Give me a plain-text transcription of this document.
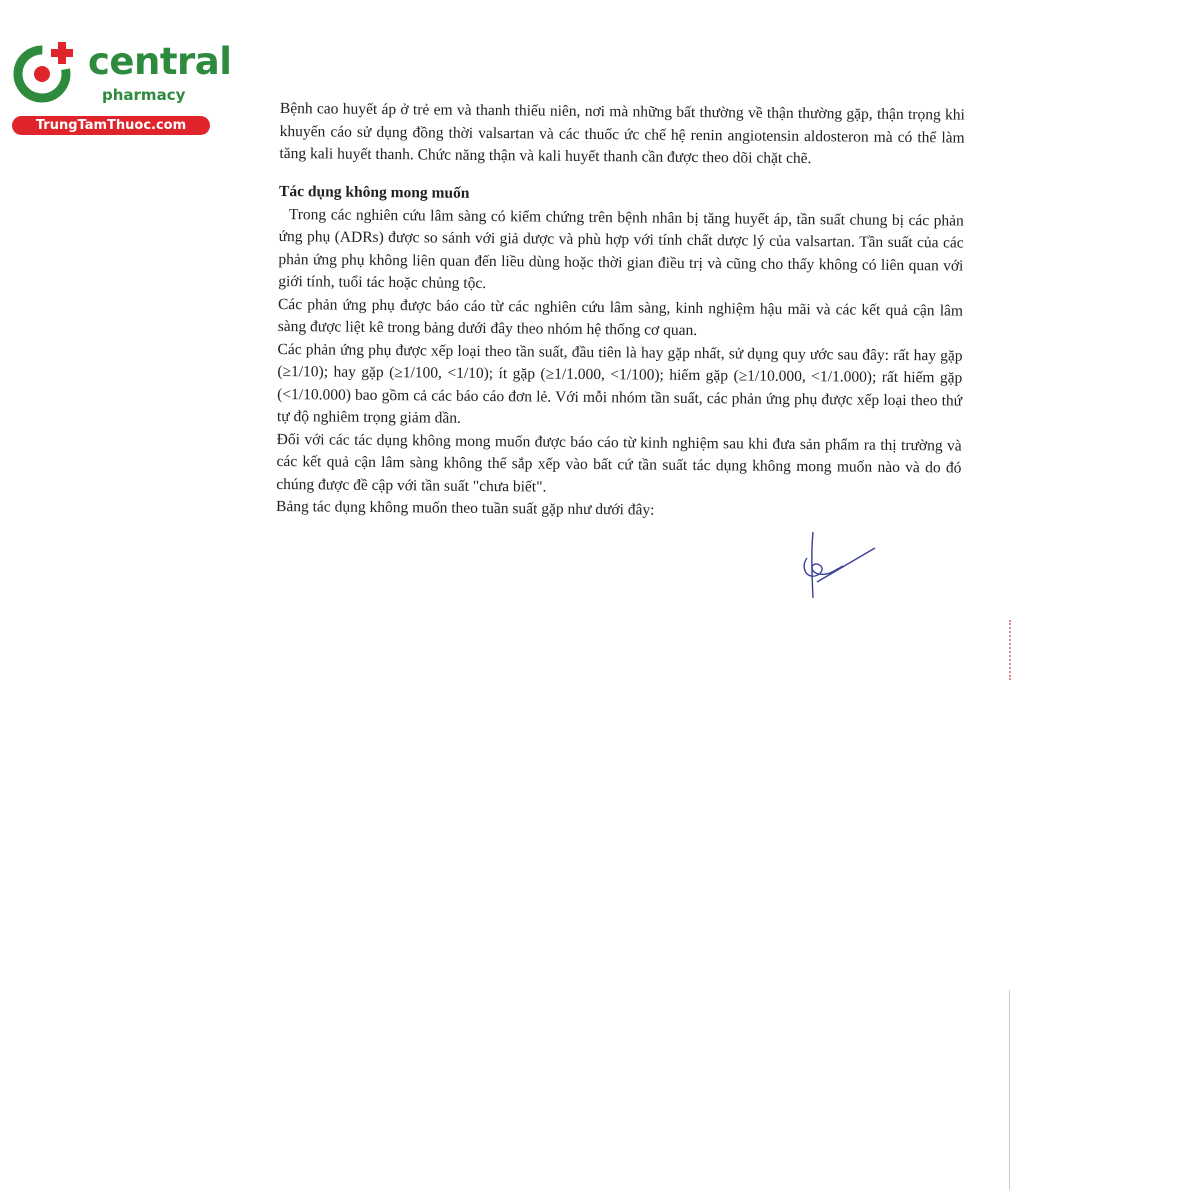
central
pharmacy
TrungTamThuoc.com

Bệnh cao huyết áp ở trẻ em và thanh thiếu niên, nơi mà những bất thường về thận thường gặp, thận trọng khi khuyến cáo sử dụng đồng thời valsartan và các thuốc ức chế hệ renin angiotensin aldosteron mà có thể làm tăng kali huyết thanh. Chức năng thận và kali huyết thanh cần được theo dõi chặt chẽ.

Tác dụng không mong muốn

Trong các nghiên cứu lâm sàng có kiểm chứng trên bệnh nhân bị tăng huyết áp, tần suất chung bị các phản ứng phụ (ADRs) được so sánh với giả dược và phù hợp với tính chất dược lý của valsartan. Tần suất của các phản ứng phụ không liên quan đến liều dùng hoặc thời gian điều trị và cũng cho thấy không có liên quan với giới tính, tuổi tác hoặc chủng tộc.

Các phản ứng phụ được báo cáo từ các nghiên cứu lâm sàng, kinh nghiệm hậu mãi và các kết quả cận lâm sàng được liệt kê trong bảng dưới đây theo nhóm hệ thống cơ quan.

Các phản ứng phụ được xếp loại theo tần suất, đầu tiên là hay gặp nhất, sử dụng quy ước sau đây: rất hay gặp (≥1/10); hay gặp (≥1/100, <1/10); ít gặp (≥1/1.000, <1/100); hiếm gặp (≥1/10.000, <1/1.000); rất hiếm gặp (<1/10.000) bao gồm cả các báo cáo đơn lẻ. Với mỗi nhóm tần suất, các phản ứng phụ được xếp loại theo thứ tự độ nghiêm trọng giảm dần.

Đối với các tác dụng không mong muốn được báo cáo từ kinh nghiệm sau khi đưa sản phẩm ra thị trường và các kết quả cận lâm sàng không thể sắp xếp vào bất cứ tần suất tác dụng không mong muốn nào và do đó chúng được đề cập với tần suất "chưa biết".

Bảng tác dụng không muốn theo tuần suất gặp như dưới đây:
